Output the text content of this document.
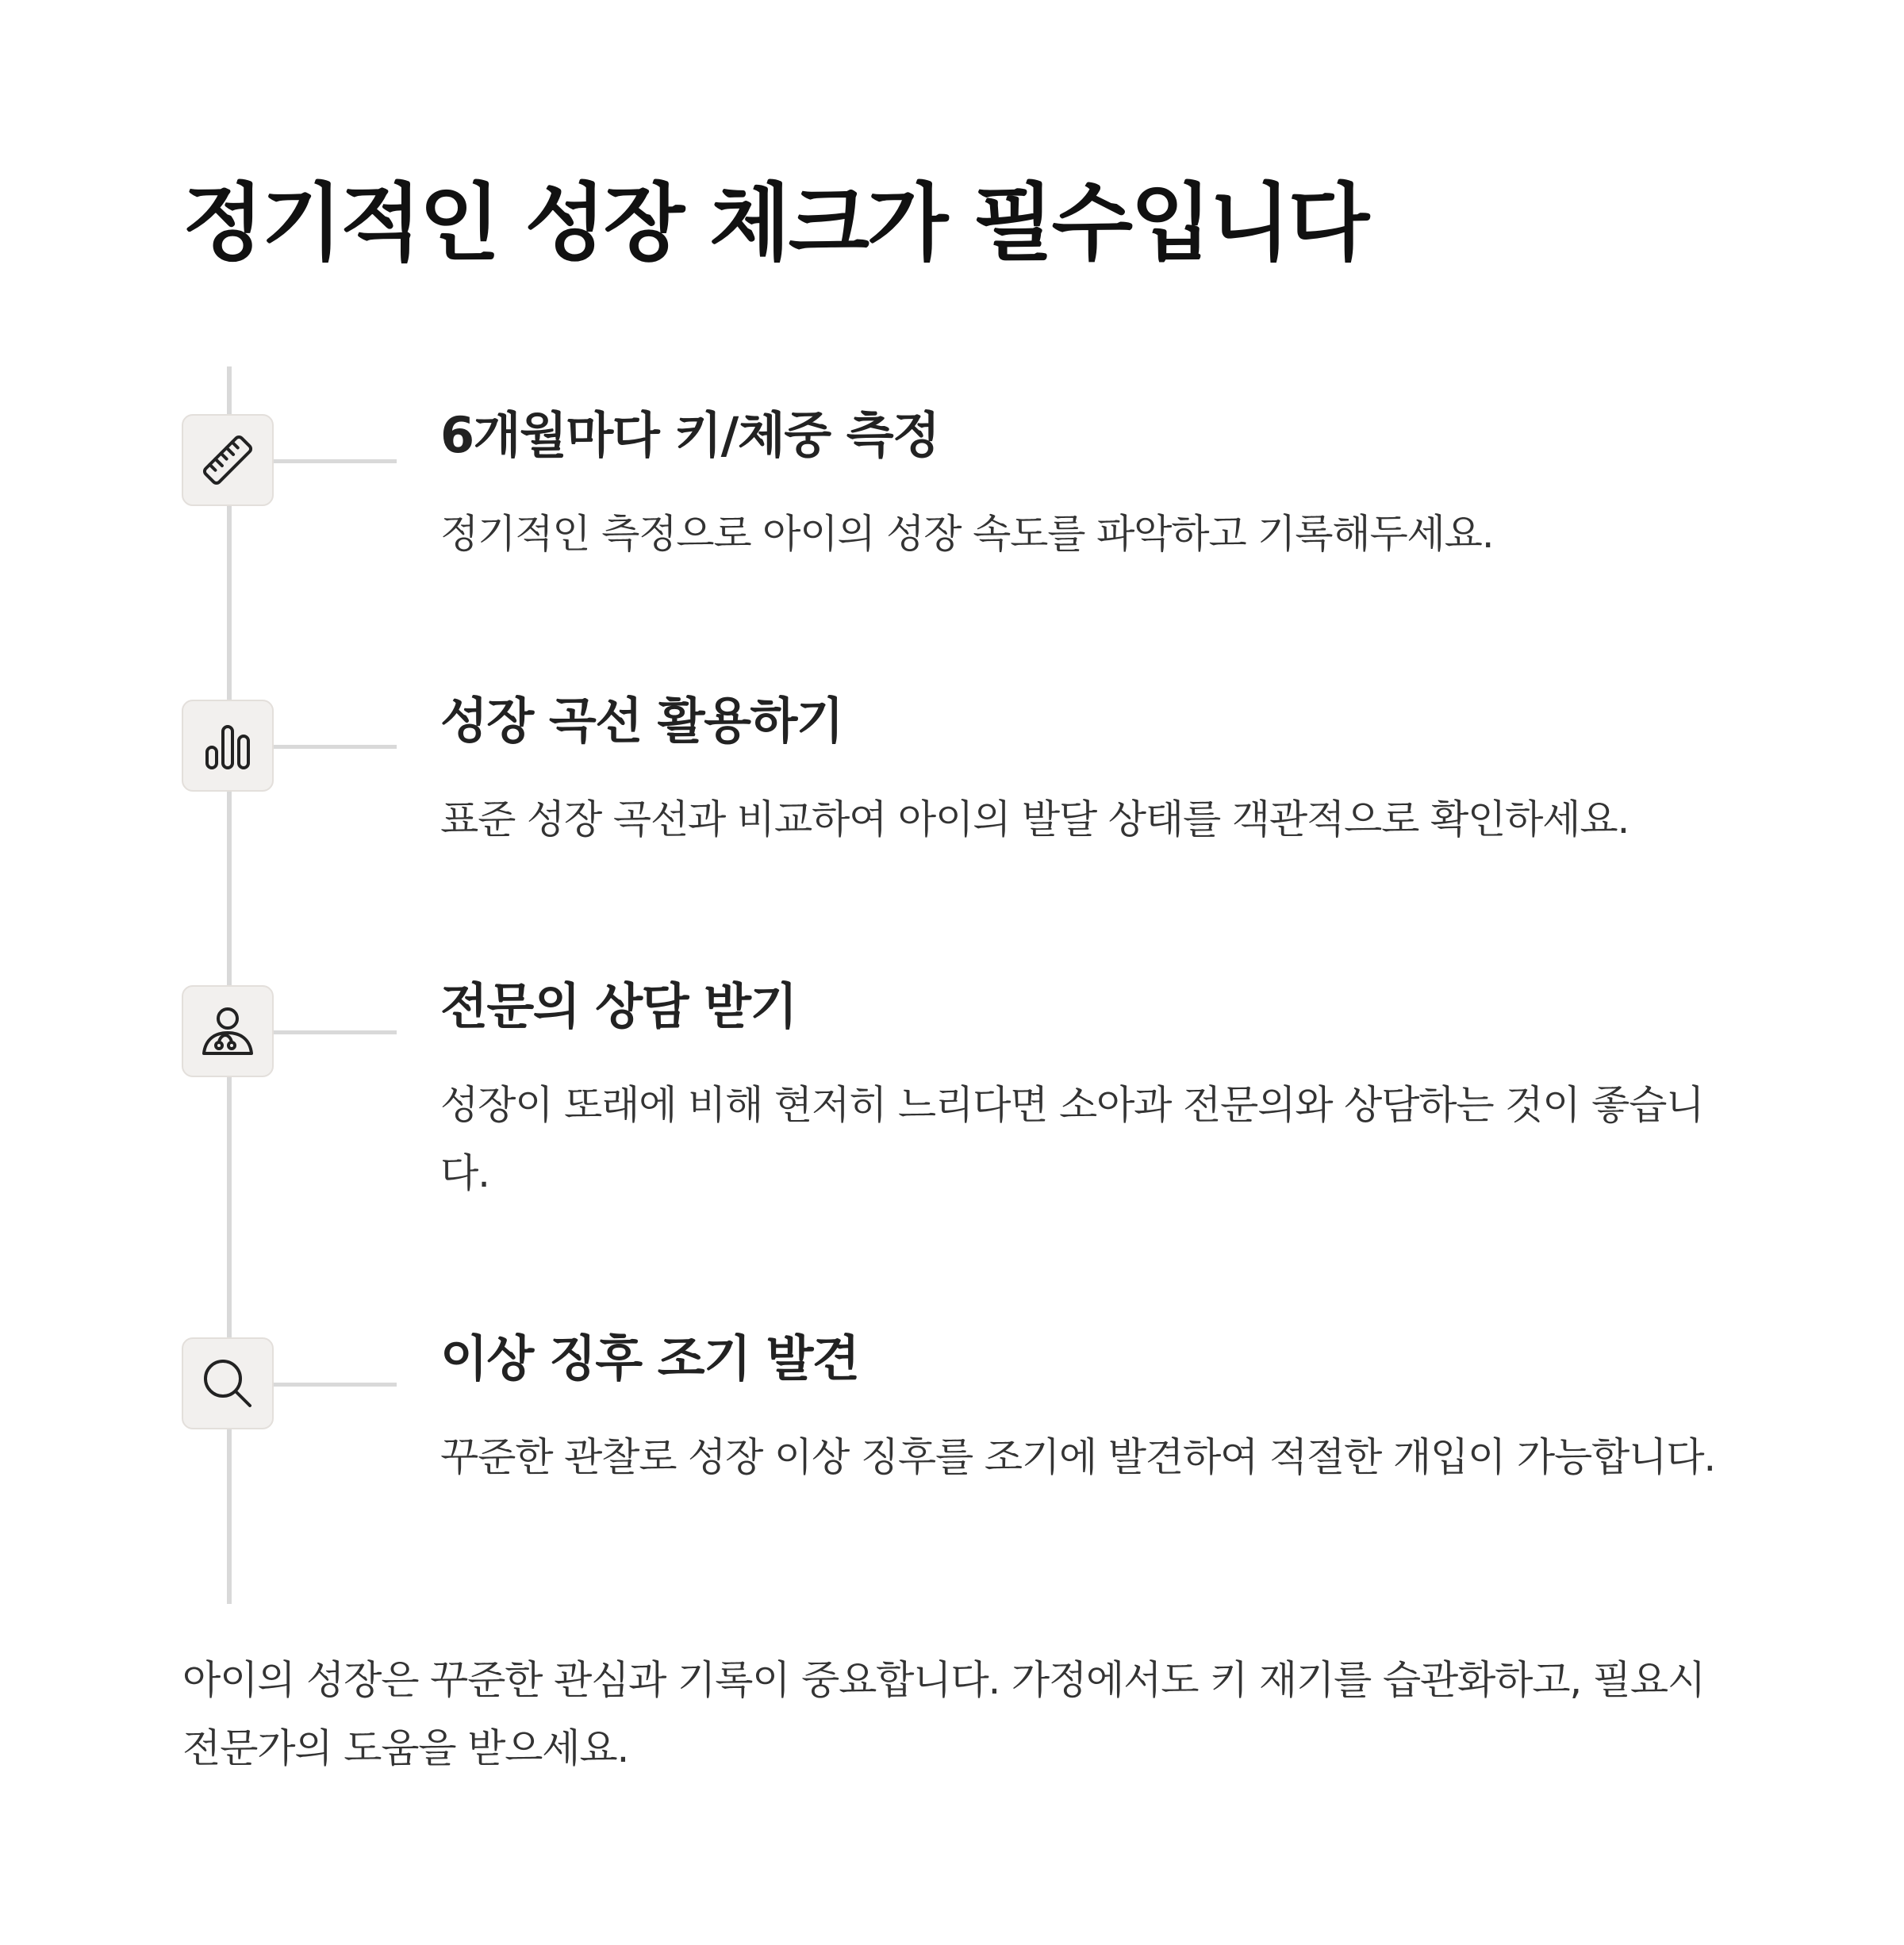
정기적인 성장 체크가 필수입니다
6개월마다 키/체중 측정

정기적인 측정으로 아이의 성장 속도를 파악하고 기록해두세요.

성장 곡선 활용하기

표준 성장 곡선과 비교하여 아이의 발달 상태를 객관적으로 확인하세요.

전문의 상담 받기

성장이 또래에 비해 현저히 느리다면 소아과 전문의와 상담하는 것이 좋습니다.

이상 징후 조기 발견

꾸준한 관찰로 성장 이상 징후를 조기에 발견하여 적절한 개입이 가능합니다.

아이의 성장은 꾸준한 관심과 기록이 중요합니다. 가정에서도 키 재기를 습관화하고, 필요시 전문가의 도움을 받으세요.
